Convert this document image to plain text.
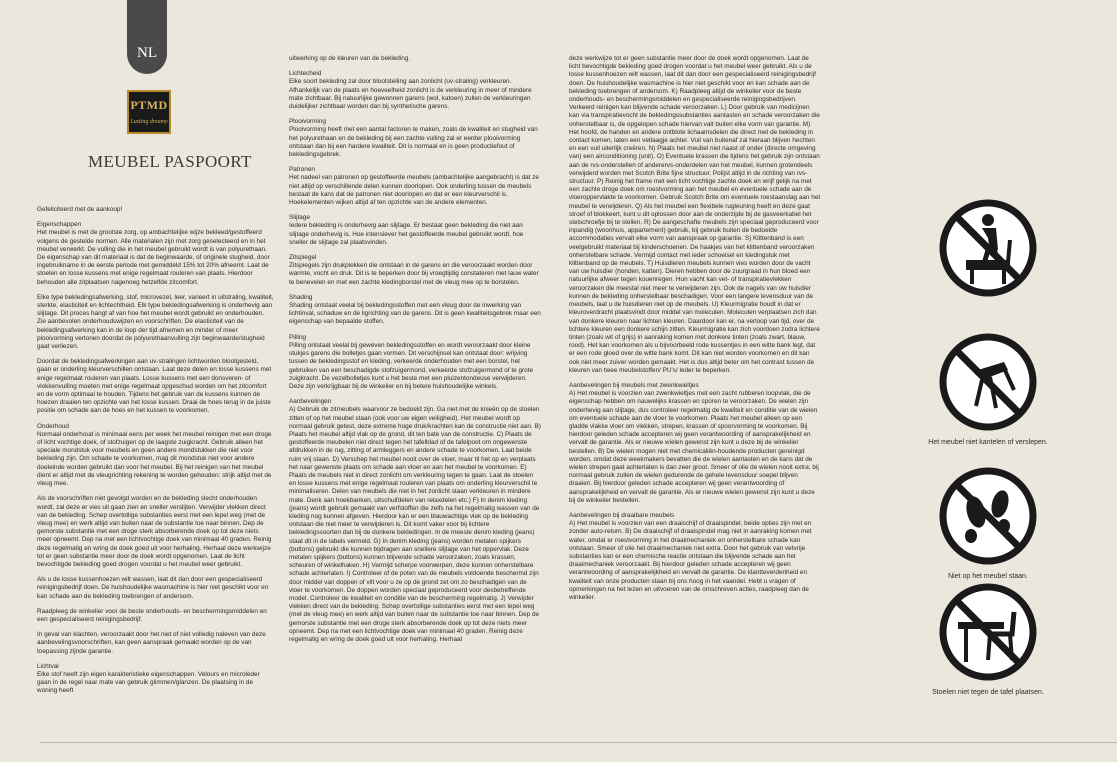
NL
PTMD
Lusting dreamy
MEUBEL PASPOORT
Gefeliciteerd met de aankoop!
Eigenschappen
Het meubel is met de grootste zorg, op ambachtelijke wijze bekleed/gestoffeerd volgens de gestelde normen. Alle materialen zijn met zorg geselecteerd en in het meubel verwerkt. De vulling die in het meubel gebruikt wordt is van polyurethaan. De eigenschap van dit materiaal is dat de beginwaarde, of originele stugheid, door ingebruikname in de eerste periode met gemiddeld 15% tot 20% afneemt. Laat de stoelen en losse kussens met enige regelmaat rouleren van plaats. Hierdoor behouden alle zitplaatsen nagenoeg hetzelfde zitcomfort.
Elke type bekledingsafwerking, stof, microvezel, leer, varieert in uitstraling, kwaliteit, sterkte, elasticiteit en lichtechtheid. Elk type bekledingsafwerking is onderhevig aan slijtage. Dit proces hangt af van hoe het meubel wordt gebruikt en onderhouden. Zie aanbevolen onderhoudswijzen en voorschriften. De elasticiteit van de bekledingsafwerking kan in de loop der tijd afnemen en minder of meer plooivorming vertonen doordat de polyurethaanvulling zijn beginwaarde/stugheid gaat verliezen.
Doordat de bekledingsafwerkingen aan uv-stralingen lichtworden blootgesteld, gaan er onderling kleurverschillen ontstaan. Laat deze delen en losse kussens met enige regelmaat rouleren van plaats. Losse kussens met een donsveren- of vlokkenvulling moeten met enige regelmaat opgeschud worden om het zitcomfort en de vorm optimaal te houden. Tijdens het gebruik van de kussens kunnen de hoezen draaien ten opzichte van het losse kussen. Draai de hoes terug in de juiste positie om schade aan de hoes en het kussen te voorkomen.
Onderhoud
Normaal onderhoud is minimaal eens per week het meubel reinigen met een droge of licht vochtige doek, of stofzuigen op de laagste zuigkracht. Gebruik alleen het speciale mondstuk voor meubels en geen andere mondstukken die niet voor bekleding zijn. Om schade te voorkomen, mag dit mondstuk niet voor andere doeleinde worden gebruikt dan voor het meubel. Bij het reinigen van het meubel dient er altijd met de vleugrichting rekening te worden gehouden: strijk altijd met de vleug mee.
Als de voorschriften niet gevolgd worden en de bekleding slecht onderhouden wordt, zal deze er vies uit gaan zien en sneller verslijten. Verwijder vlekken direct van de bekleding. Schep overtollige substanties eerst met een lepel weg (met de vleug mee) en werk altijd van buiten naar de substantie toe naar binnen. Dep de gemorste substantie met een droge sterk absorberende doek op tot deze niets meer opneemt. Dep na met een lichtvochtige doek van minimaal 40 graden. Reinig deze regelmatig en wring de doek goed uit voor herhaling. Herhaal deze werkwijze tot er geen substantie meer door de doek wordt opgenomen. Laat de licht bevochtigde bekleding goed drogen voordat u het meubel weer gebruikt.
Als u de losse kussenhoezen wilt wassen, laat dit dan door een gespecialiseerd reinigingsbedrijf doen. De huishoudelijke wasmachine is hier niet geschikt voor en kan schade aan de bekleding toebrengen of andersom.
Raadpleeg de winkelier voor de beste onderhouds- en beschermingsmiddelen en een gespecialiseerd reinigingsbedrijf.
In geval van klachten, veroorzaakt door het niet of niet volledig naleven van deze aanbevelingsvoorschriften, kan geen aanspraak gemaakt worden op de van toepassing zijnde garantie.
Lichtval
Elke stof heeft zijn eigen karakteristieke eigenschappen. Velours en microleder gaan in de regel naar mate van gebruik glimmen/glanzen. De plaatsing in de woning heeft
uitwerking op de kleuren van de bekleding.
Lichtecheid
Elke soort bekleding zal door blootstelling aan zonlicht (uv-straling) verkleuren. Afhankelijk van de plaats en hoeveelheid zonlicht is de verkleuring in meer of mindere mate zichtbaar. Bij natuurlijke gewonnen garens (wol, katoen) zullen de verkleuringen duidelijker zichtbaar worden dan bij synthetische garens.
Plooivorming
Plooivorming heeft met een aantal factoren te maken, zoals de kwaliteit en stugheid van het polyurethaan en de bekleding bij een zachte vulling zal er eerder plooivorming ontstaan dan bij een hardere kwaliteit. Dit is normaal en is geen productiefout of bekledingsgebrek.
Patronen
Het nadeel van patronen op gestoffeerde meubels (ambachtelijke aangebracht) is dat ze niet altijd op verschillende delen kunnen doorlopen. Ook onderling tussen de meubels bestaat de kans dat de patronen niet doorlopen en dat er een kleurverschil is. Hoekelementen wijken altijd af ten opzichte van de andere elementen.
Slijtage
Iedere bekleding is onderhevig aan slijtage. Er bestaat geen bekleding die niet aan slijtage onderhevig is. Hoe intensiever het gestoffeerde meubel gebruikt wordt, hoe sneller de slijtage zal plaatsvinden.
Zitspiegel
Zitspiegels zijn drukplekken die ontstaan in de garens en die veroorzaakt worden door warmte, vocht en druk. Dit is te beperken door bij vroegtijdig constateren met lauw water te benevelen en met een zachte kledingborstel met de vleug mee op te borstelen.
Shading
Shading ontstaat veelal bij bekledingsstoffen met een vleug door de inwerking van lichtinval, schaduw en de ligrichting van de garens. Dit is geen kwaliteitsgebrek maar een eigenschap van bepaalde stoffen.
Pilling
Pilling ontstaat veelal bij geweven bekledingsstoffen en wordt veroorzaakt door kleine stukjes garens die bolletjes gaan vormen. Dit verschijnsel kan ontstaat door: wrijving tussen de bekledingsstof en kleding, verkeerde onderhouden met een borstel, het gebruiken van een beschadigde stofzuigermond, verkeerde stofzuigermond of te grote zuigkracht. De vezelbolletjes kunt u het beste met een pluizentondeuse verwijderen. Deze zijn verkrijgbaar bij de winkelier en bij betere huishoudelijke winkels.
Aanbevelingen
A) Gebruik de zitmeubels waarvoor ze bedoeld zijn. Ga niet met de knieën op de stoelen zitten of op het meubel staan (ook voor uw eigen veiligheid). Het meubel wordt op normaal gebruik getest, deze extreme hoge druk/krachten kan de constructie niet aan. B) Plaats het meubel altijd vlak op de grond, dit ten bate van de constructie. C) Plaats de gestoffeerde meubelen niet direct tegen het tafelblad of de tafelpoot om ongewenste afdrukken in de rug, zitting of armleggers en andere schade te voorkomen. Laat beide ruim vrij staan. D) Verschep het meubel nooit over de vloer, maar til het op en verplaats het naar gewenste plaats om schade aan vloer en aan het meubel te voorkomen. E) Plaats de meubels niet in direct zonlicht om verkleuring tegen te gaan. Laat de stoelen en losse kussens met enige regelmaat rouleren van plaats om onderling kleurverschil te minimaliseren. Delen van meubels die niet in het zonlicht staan verkleuren in mindere mate. Denk aan hoekbanken, uitschuifdelen van relaxdelen etc.) F) In denim kleding (jeans) wordt gebruik gemaakt van verfstoffen die zelfs na het regelmatig wassen van de kleding nog kunnen afgeven. Hierdoor kan er een blauwachtige vlek op de bekleding ontstaan die niet meer te verwijderen is. Dit komt vaker voor bij lichtere bekledingssoorten dan bij de donkere bekledingen. In de meeste denim kleding (jeans) staat dit in de labels vermeld. G) In denim kleding (jeans) worden metalen spijkers (buttons) gebruikt die kunnen bijdragen aan snellere slijtage van het oppervlak. Deze metalen spijkers (buttons) kunnen blijvende schade veroorzaken, zoals krassen, scheuren of winkelhaken. H) Vermijd scherpe voorwerpen, deze kunnen onherstelbare schade achterlaten. I) Controleer of de poten van de meubels voldoende beschermd zijn door middel van doppen of vilt voor u ze op de grond zet om zo beschadigen van de vloer te voorkomen. De doppen worden speciaal geproduceerd voor desbetreffende model. Controleer de kwaliteit en conditie van de bescherming regelmatig. J) Verwijder vlekken direct van de bekleding. Schep overtollige substanties eerst met een lepel weg (met de vleug mee) en werk altijd van buiten naar de substantie toe naar binnen. Dep de gemorste substantie met een droge sterk absorberende doek op tot deze niets meer opneemt. Dep na met een lichtvochtige doek van minimaal 40 graden. Reinig deze regelmatig en wring de doek goed uit voor herhaling. Herhaal
deze werkwijze tot er geen substantie meer door de doek wordt opgenomen. Laat de licht bevochtigde bekleding goed drogen voordat u het meubel weer gebruikt. Als u de losse kussenhoezen wilt wassen, laat dit dan door een gespecialiseerd reinigingsbedrijf doen. De huishoudelijke wasmachine is hier niet geschikt voor en kan schade aan de bekleding toebrengen of andersom. K) Raadpleeg altijd de winkelier voor de beste onderhouds- en beschermingsmiddelen en gespecialiseerde reinigingsbedrijven. Verkeerd reinigen kan blijvende schade veroorzaken. L) Door gebruik van medicijnen kan via transpiratievocht de bekledingssubstanties aantasten en schade veroorzaken die onherstelbaar is, de opgelopen schade hiervan valt buiten elke vorm van garantie. M) Het hoofd, de handen en andere ontblote lichaamsdelen die direct met de bekleding in contact komen, laten een vetlaagje achter. Vuil van buitenaf zal hieraan blijven hechten en een vuil uiterlijk creëren. N) Plaats het meubel niet naast of onder (directe omgeving van) een airconditioning (unit). O) Eventuele krassen die tijdens het gebruik zijn ontstaan aan de rvs-onderstellen of anderervs-onderdelen van het meubel, kunnen grotendeels verwijderd worden met Scotch Brite fijne structuur. Polijst altijd in de richting van rvs-structuur. P) Reinig het frame met een licht vochtige zachte doek en wrijf gelijk na met een zachte droge doek om roestvorming aan het meubel en eventuele schade aan de vloeroppervlakte te voorkomen. Gebruik Scotch Brite om eventuele roestaanslag aan het meubel te verwijderen. Q) Als het meubel een flexibele rugleuning heeft en deze gaat stroef of blokkeert, kunt u dit oplossen door aan de onderzijde bij de gasveerkabel het stelschroefje bij te stellen. R) De aangeschafte meubels zijn speciaal geproduceerd voor inpandig (woonhuis, appartement) gebruik, bij gebruik buiten de bedoelde accommodaties vervalt elke vorm van aanspraak op garantie. S) Klittenband is een veelgebruikt materiaal bij kinderschoenen. De haakjes van het klittenband veroorzaken onherstelbare schade. Vermijd contact met ieder schoeisel en kledingstuk met klittenband op de meubels. T) Huisdieren meubels kunnen vies worden door de vacht van uw huisdier (honden, katten). Dieren hebben door de zuurgraad in hun bloed een natuurlijke afweer tegen kouenregen. Hun vacht kan vet- of transpiratievlekken veroorzaken die meestal niet meer te verwijderen zijn. Ook de nagels van uw huisdier kunnen de bekleding onherstelbaar beschadigen. Voor een langere levensduur van de meubels, laat u de huisdieren niet op de meubels. U) Kleurmigratie houdt in dat er kleuroverdracht plaatsvindt door middel van moleculen. Moleculen verplaatsen zich dan van donkere kleuren naar lichten kleuren. Daardoor kan er, na verloop van tijd, over de lichtere kleuren een donkere schijn zitten. Kleurmigratie kan zich voordoen zodra lichtere tinten (zoals wit of grijs) in aanraking komen met donkere tinten (zoals zwart, blauw, rood). Het kan voorkomen als u bijvoorbeeld rode kussentjes in een witte bank legt, dat er een rode gloed over de witte bank komt. Dit kan niet worden voorkomen en dit kan ook niet meer zuiver worden gemaakt. Het is dus altijd beter om het contrast tussen de kleuren van twee meubelstoffen/ PU's/ leder te beperken.
Aanbevelingen bij meubels met zwenkwieltjes
A) Het meubel is voorzien van zwenkwieltjes met een zacht rubberen loopvlak, die de eigenschap hebben om nauwelijks krassen en sporen te veroorzaken. De wielen zijn onderhevig aan slijtage, dus controleer regelmatig de kwaliteit en conditie van de wielen om eventuele schade aan de vloer te voorkomen. Plaats het meubel alleen op een gladde vlakke vloer om vlekken, strepen, krassen of spoorvorming te voorkomen. Bij hierdoor geleden schade accepteren wij geen verantwoording of aansprakelijkheid en vervalt de garantie. Als er nieuwe wielen gewenst zijn kunt u deze bij de winkelier bestellen. B) De wielen mogen niet met chemicaliën-houdende producten gereinigd worden, omdat deze weekmakers bevatten die de wielen aantasten en de kans dat de wielen strepen gaat achterlaten is dan zeer groot. Smeer of olie de wielen nooit extra; bij normaal gebruik zullen de wielen gedurende de gehele levensduur soepel blijven draaien. Bij hierdoor geleden schade accepteren wij geen verantwoording of aansprakelijkheid en vervalt de garantie. Als er nieuwe wielen gewenst zijn kunt u deze bij de winkelier bestellen.
Aanbevelingen bij draaibare meubels
A) Het meubel is voorzien van een draaischijf of draaispindel; beide opties zijn met en zonder auto-return. B) De draaischijf of draaispindel mag niet in aanraking komen met water, omdat er roestvorming in het draaimechaniek en onherstelbare schade kan ontstaan. Smeer of olie het draaimechaniek niet extra. Door het gebruik van vetvrije substanties kan er een chemische reactie ontstaan die blijvende schade aan het draaimechaniek veroorzaakt. Bij hierdoor geleden schade accepteren wij geen verantwoording of aansprakelijkheid en vervalt de garantie. De klantteverdenheid en kwaliteit van onze producten staan bij ons hoog in het vaandel. Hebt u vragen of opmerkingen na het lezen en uitvoeren van de omschreven acties, raadpleeg dan de winkelier.
Het meubel niet kantelen of verslepen.
Niet op het meubel staan.
Stoelen niet tegen de tafel plaatsen.
